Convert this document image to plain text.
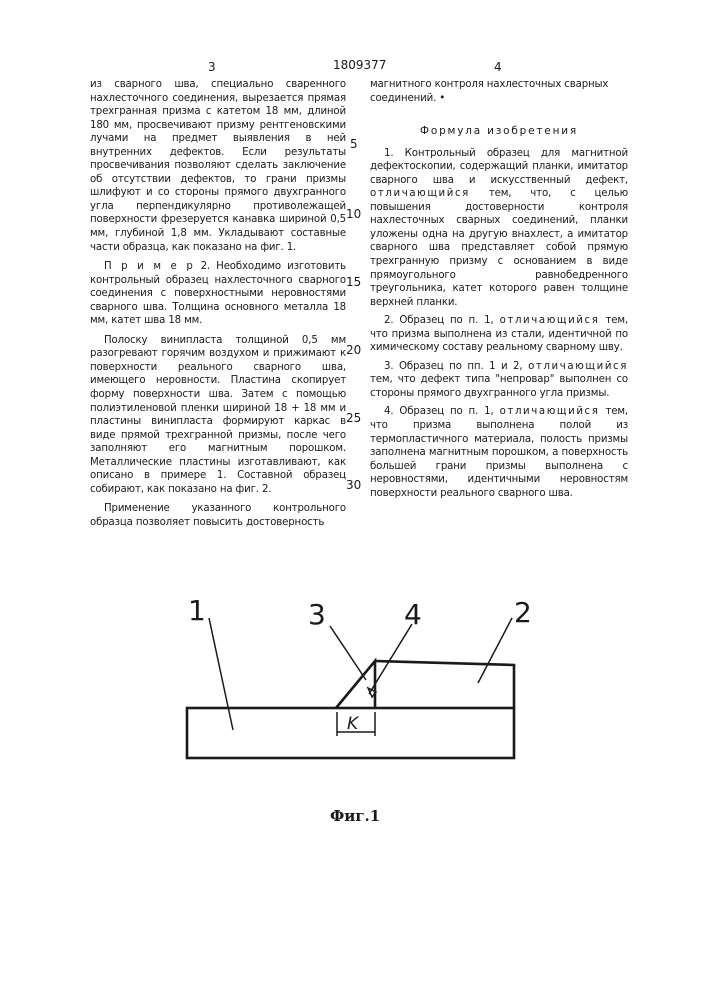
3	1809377	4
5
10
15
20
25
30

из сварного шва, специально сваренного нахлесточного соединения, вырезается прямая трехгранная призма с катетом 18 мм, длиной 180 мм, просвечивают призму рентгеновскими лучами на предмет выявления в ней внутренних дефектов. Если результаты просвечивания позволяют сделать заключение об отсутствии дефектов, то грани призмы шлифуют и со стороны прямого двухгранного угла перпендикулярно противолежащей поверхности фрезеруется канавка шириной 0,5 мм, глубиной 1,8 мм. Укладывают составные части образца, как показано на фиг. 1.

П р и м е р 2. Необходимо изготовить контрольный образец нахлесточного сварного соединения с поверхностными неровностями сварного шва. Толщина основного металла 18 мм, катет шва 18 мм.

Полоску винипласта толщиной 0,5 мм разогревают горячим воздухом и прижимают к поверхности реального сварного шва, имеющего неровности. Пластина скопирует форму поверхности шва. Затем с помощью полиэтиленовой пленки шириной 18 + 18 мм и пластины винипласта формируют каркас в виде прямой трехгранной призмы, после чего заполняют его магнитным порошком. Металлические пластины изготавливают, как описано в примере 1. Составной образец собирают, как показано на фиг. 2.

Применение указанного контрольного образца позволяет повысить достоверность

магнитного контроля нахлесточных сварных соединений. •

Формула изобретения

1. Контрольный образец для магнитной дефектоскопии, содержащий планки, имитатор сварного шва и искусственный дефект, отличающийся тем, что, с целью повышения достоверности контроля нахлесточных сварных соединений, планки уложены одна на другую внахлест, а имитатор сварного шва представляет собой прямую трехгранную призму с основанием в виде прямоугольного равнобедренного треугольника, катет которого равен толщине верхней планки.

2. Образец по п. 1, отличающийся тем, что призма выполнена из стали, идентичной по химическому составу реальному сварному шву.

3. Образец по пп. 1 и 2, отличающийся тем, что дефект типа "непровар" выполнен со стороны прямого двухгранного угла призмы.

4. Образец по п. 1, отличающийся тем, что призма выполнена полой из термопластичного материала, полость призмы заполнена магнитным порошком, а поверхность большей грани призмы выполнена с неровностями, идентичными неровностям поверхности реального сварного шва.

1	3	4	2
K
Фиг.1
